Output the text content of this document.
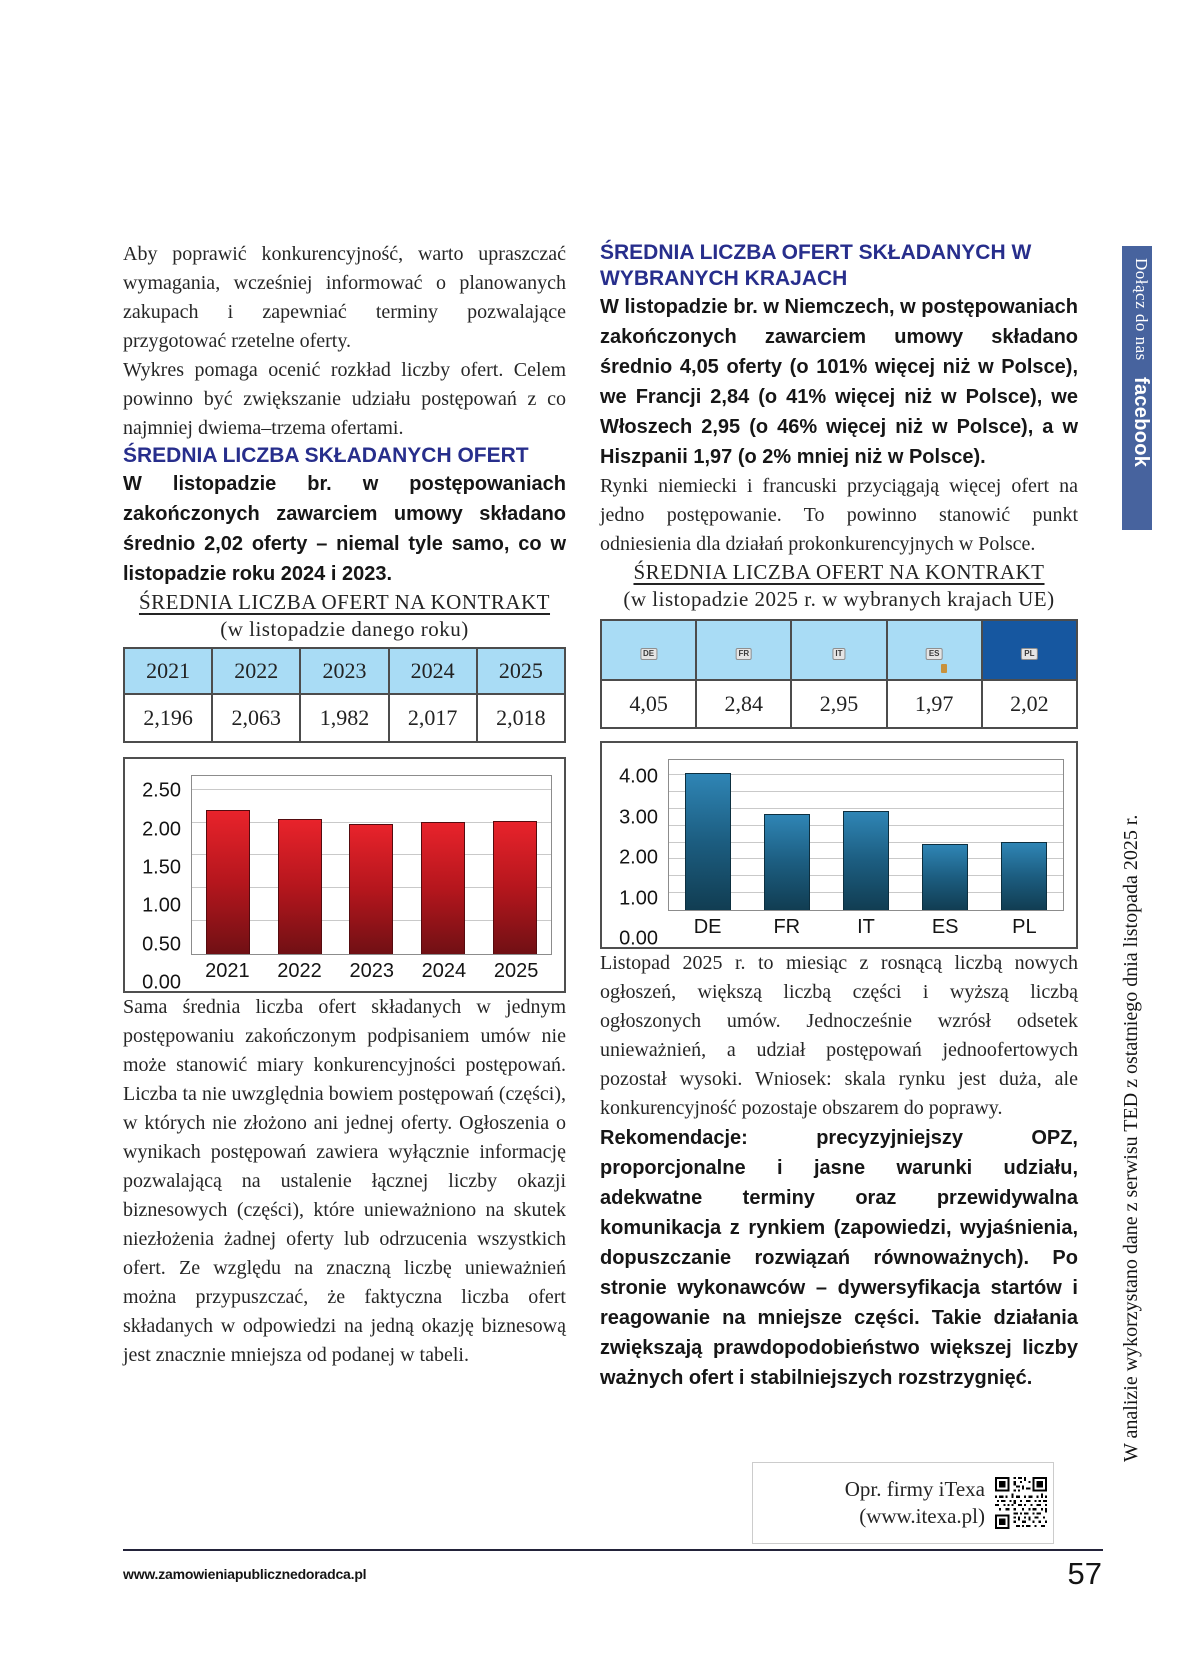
Aby poprawić konkurencyjność, warto upraszczać wymagania, wcześniej informować o planowanych zakupach i zapewniać terminy pozwalające przygotować rzetelne oferty.

Wykres pomaga ocenić rozkład liczby ofert. Celem powinno być zwiększanie udziału postępowań z co najmniej dwiema–trzema ofertami.

ŚREDNIA LICZBA SKŁADANYCH OFERT

W listopadzie br. w postępowaniach zakończonych zawarciem umowy składano średnio 2,02 oferty – niemal tyle samo, co w listopadzie roku 2024 i 2023.

ŚREDNIA LICZBA OFERT NA KONTRAKT
(w listopadzie danego roku)
2021	2022	2023	2024	2025
2,196	2,063	1,982	2,017	2,018
2.50
2.00
1.50
1.00
0.50
0.00
2021 2022 2023 2024 2025

Sama średnia liczba ofert składanych w jednym postępowaniu zakończonym podpisaniem umów nie może stanowić miary konkurencyjności postępowań. Liczba ta nie uwzględnia bowiem postępowań (części), w których nie złożono ani jednej oferty. Ogłoszenia o wynikach postępowań zawiera wyłącznie informację pozwalającą na ustalenie łącznej liczby okazji biznesowych (części), które unieważniono na skutek niezłożenia żadnej oferty lub odrzucenia wszystkich ofert. Ze względu na znaczną liczbę unieważnień można przypuszczać, że faktyczna liczba ofert składanych w odpowiedzi na jedną okazję biznesową jest znacznie mniejsza od podanej w tabeli.

ŚREDNIA LICZBA OFERT SKŁADANYCH W WYBRANYCH KRAJACH

W listopadzie br. w Niemczech, w postępowaniach zakończonych zawarciem umowy składano średnio 4,05 oferty (o 101% więcej niż w Polsce), we Francji 2,84 (o 41% więcej niż w Polsce), we Włoszech 2,95 (o 46% więcej niż w Polsce), a w Hiszpanii 1,97 (o 2% mniej niż w Polsce).

Rynki niemiecki i francuski przyciągają więcej ofert na jedno postępowanie. To powinno stanowić punkt odniesienia dla działań prokonkurencyjnych w Polsce.

ŚREDNIA LICZBA OFERT NA KONTRAKT
(w listopadzie 2025 r. w wybranych krajach UE)
DE	FR	IT	ES	PL

4,05	2,84	2,95	1,97	2,02
4.00
3.00
2.00
1.00
0.00
DE	FR	IT	ES	PL

Listopad 2025 r. to miesiąc z rosnącą liczbą nowych ogłoszeń, większą liczbą części i wyższą liczbą ogłoszonych umów. Jednocześnie wzrósł odsetek unieważnień, a udział postępowań jednoofertowych pozostał wysoki. Wniosek: skala rynku jest duża, ale konkurencyjność pozostaje obszarem do poprawy.

Rekomendacje: precyzyjniejszy OPZ, proporcjonalne i jasne warunki udziału, adekwatne terminy oraz przewidywalna komunikacja z rynkiem (zapowiedzi, wyjaśnienia, dopuszczanie rozwiązań równoważnych). Po stronie wykonawców – dywersyfikacja startów i reagowanie na mniejsze części. Takie działania zwiększają prawdopodobieństwo większej liczby ważnych ofert i stabilniejszych rozstrzygnięć.

Opr. firmy iTexa
(www.itexa.pl)
Dołącz do nasfacebook
W analizie wykorzystano dane z serwisu TED z ostatniego dnia listopada 2025 r.
www.zamowieniapublicznedoradca.pl	57
